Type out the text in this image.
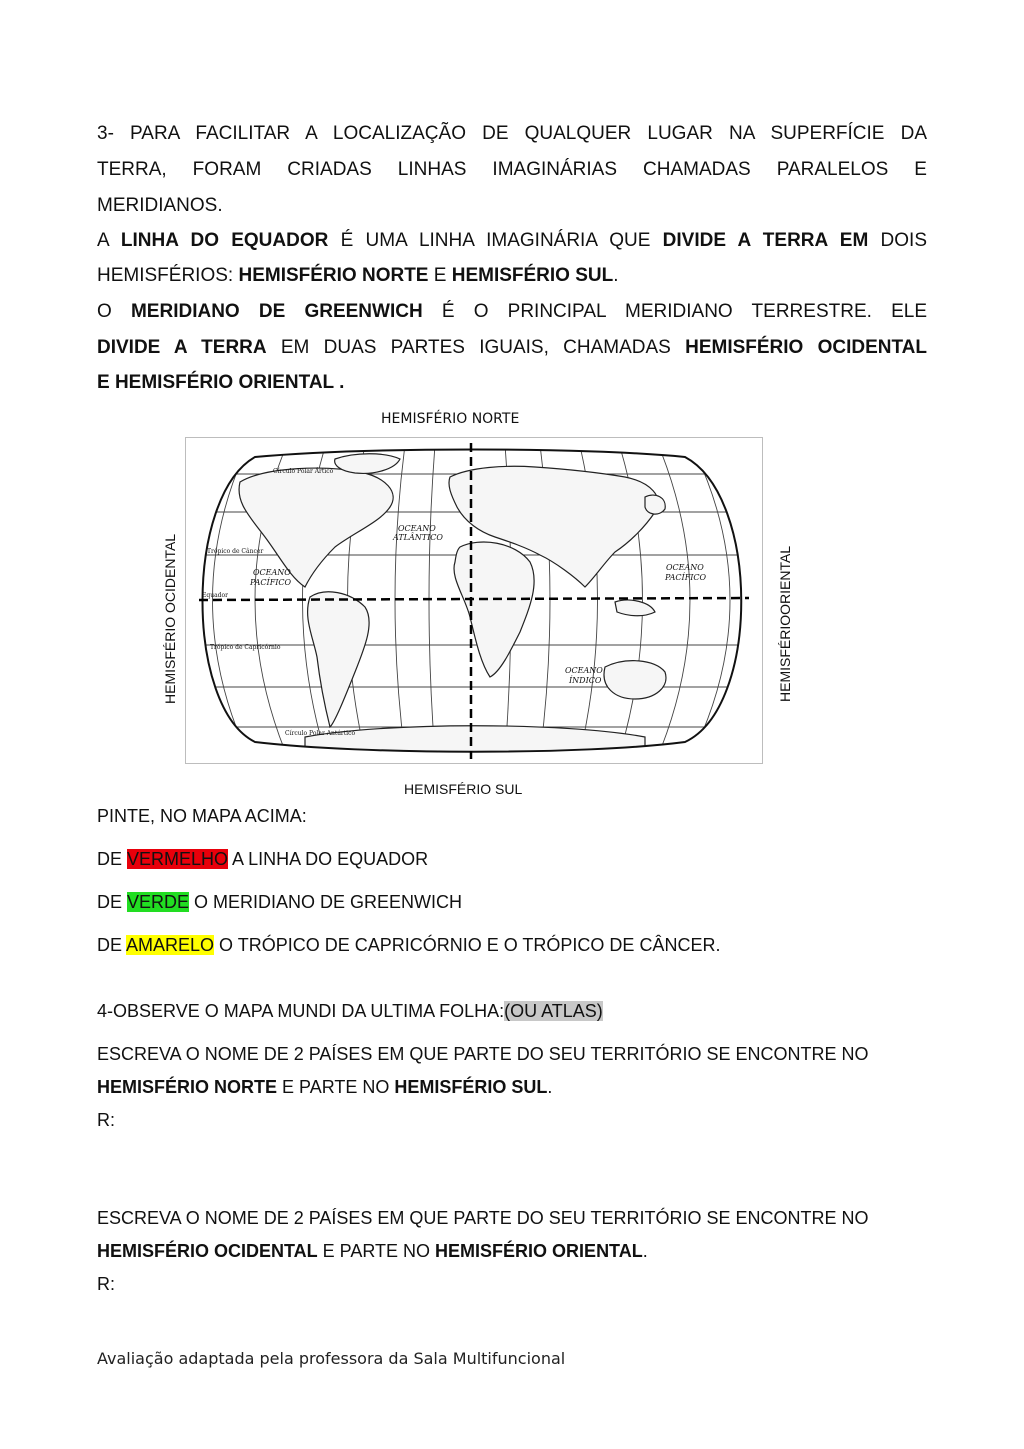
3- PARA FACILITAR A LOCALIZAÇÃO DE QUALQUER LUGAR NA SUPERFÍCIE DA
TERRA, FORAM CRIADAS LINHAS IMAGINÁRIAS CHAMADAS PARALELOS E
MERIDIANOS.
A LINHA DO EQUADOR É UMA LINHA IMAGINÁRIA QUE DIVIDE A TERRA EM DOIS
HEMISFÉRIOS: HEMISFÉRIO NORTE E HEMISFÉRIO SUL.
O MERIDIANO DE GREENWICH É O PRINCIPAL MERIDIANO TERRESTRE. ELE
DIVIDE A TERRA EM DUAS PARTES IGUAIS, CHAMADAS HEMISFÉRIO OCIDENTAL
E HEMISFÉRIO ORIENTAL .
HEMISFÉRIO NORTE
HEMISFÉRIO SUL
HEMISFÉRIO OCIDENTAL	HEMISFÉRIOORIENTAL
Círculo Polar Ártico
Trópico de Câncer
Equador
Trópico de Capricórnio
Círculo Polar Antártico
OCEANO
ATLÂNTICO
OCEANO
PACÍFICO
OCEANO
PACÍFICO
OCEANO
ÍNDICO
PINTE, NO MAPA ACIMA:
DE VERMELHO A LINHA DO EQUADOR
DE VERDE O MERIDIANO DE GREENWICH
DE AMARELO O TRÓPICO DE CAPRICÓRNIO E O TRÓPICO DE CÂNCER.
4-OBSERVE O MAPA MUNDI DA ULTIMA FOLHA:(OU ATLAS)
ESCREVA O NOME DE 2 PAÍSES EM QUE PARTE DO SEU TERRITÓRIO SE ENCONTRE NO
HEMISFÉRIO NORTE E PARTE NO HEMISFÉRIO SUL.
R:
ESCREVA O NOME DE 2 PAÍSES EM QUE PARTE DO SEU TERRITÓRIO SE ENCONTRE NO
HEMISFÉRIO OCIDENTAL E PARTE NO HEMISFÉRIO ORIENTAL.
R:
Avaliação adaptada pela professora da Sala Multifuncional
